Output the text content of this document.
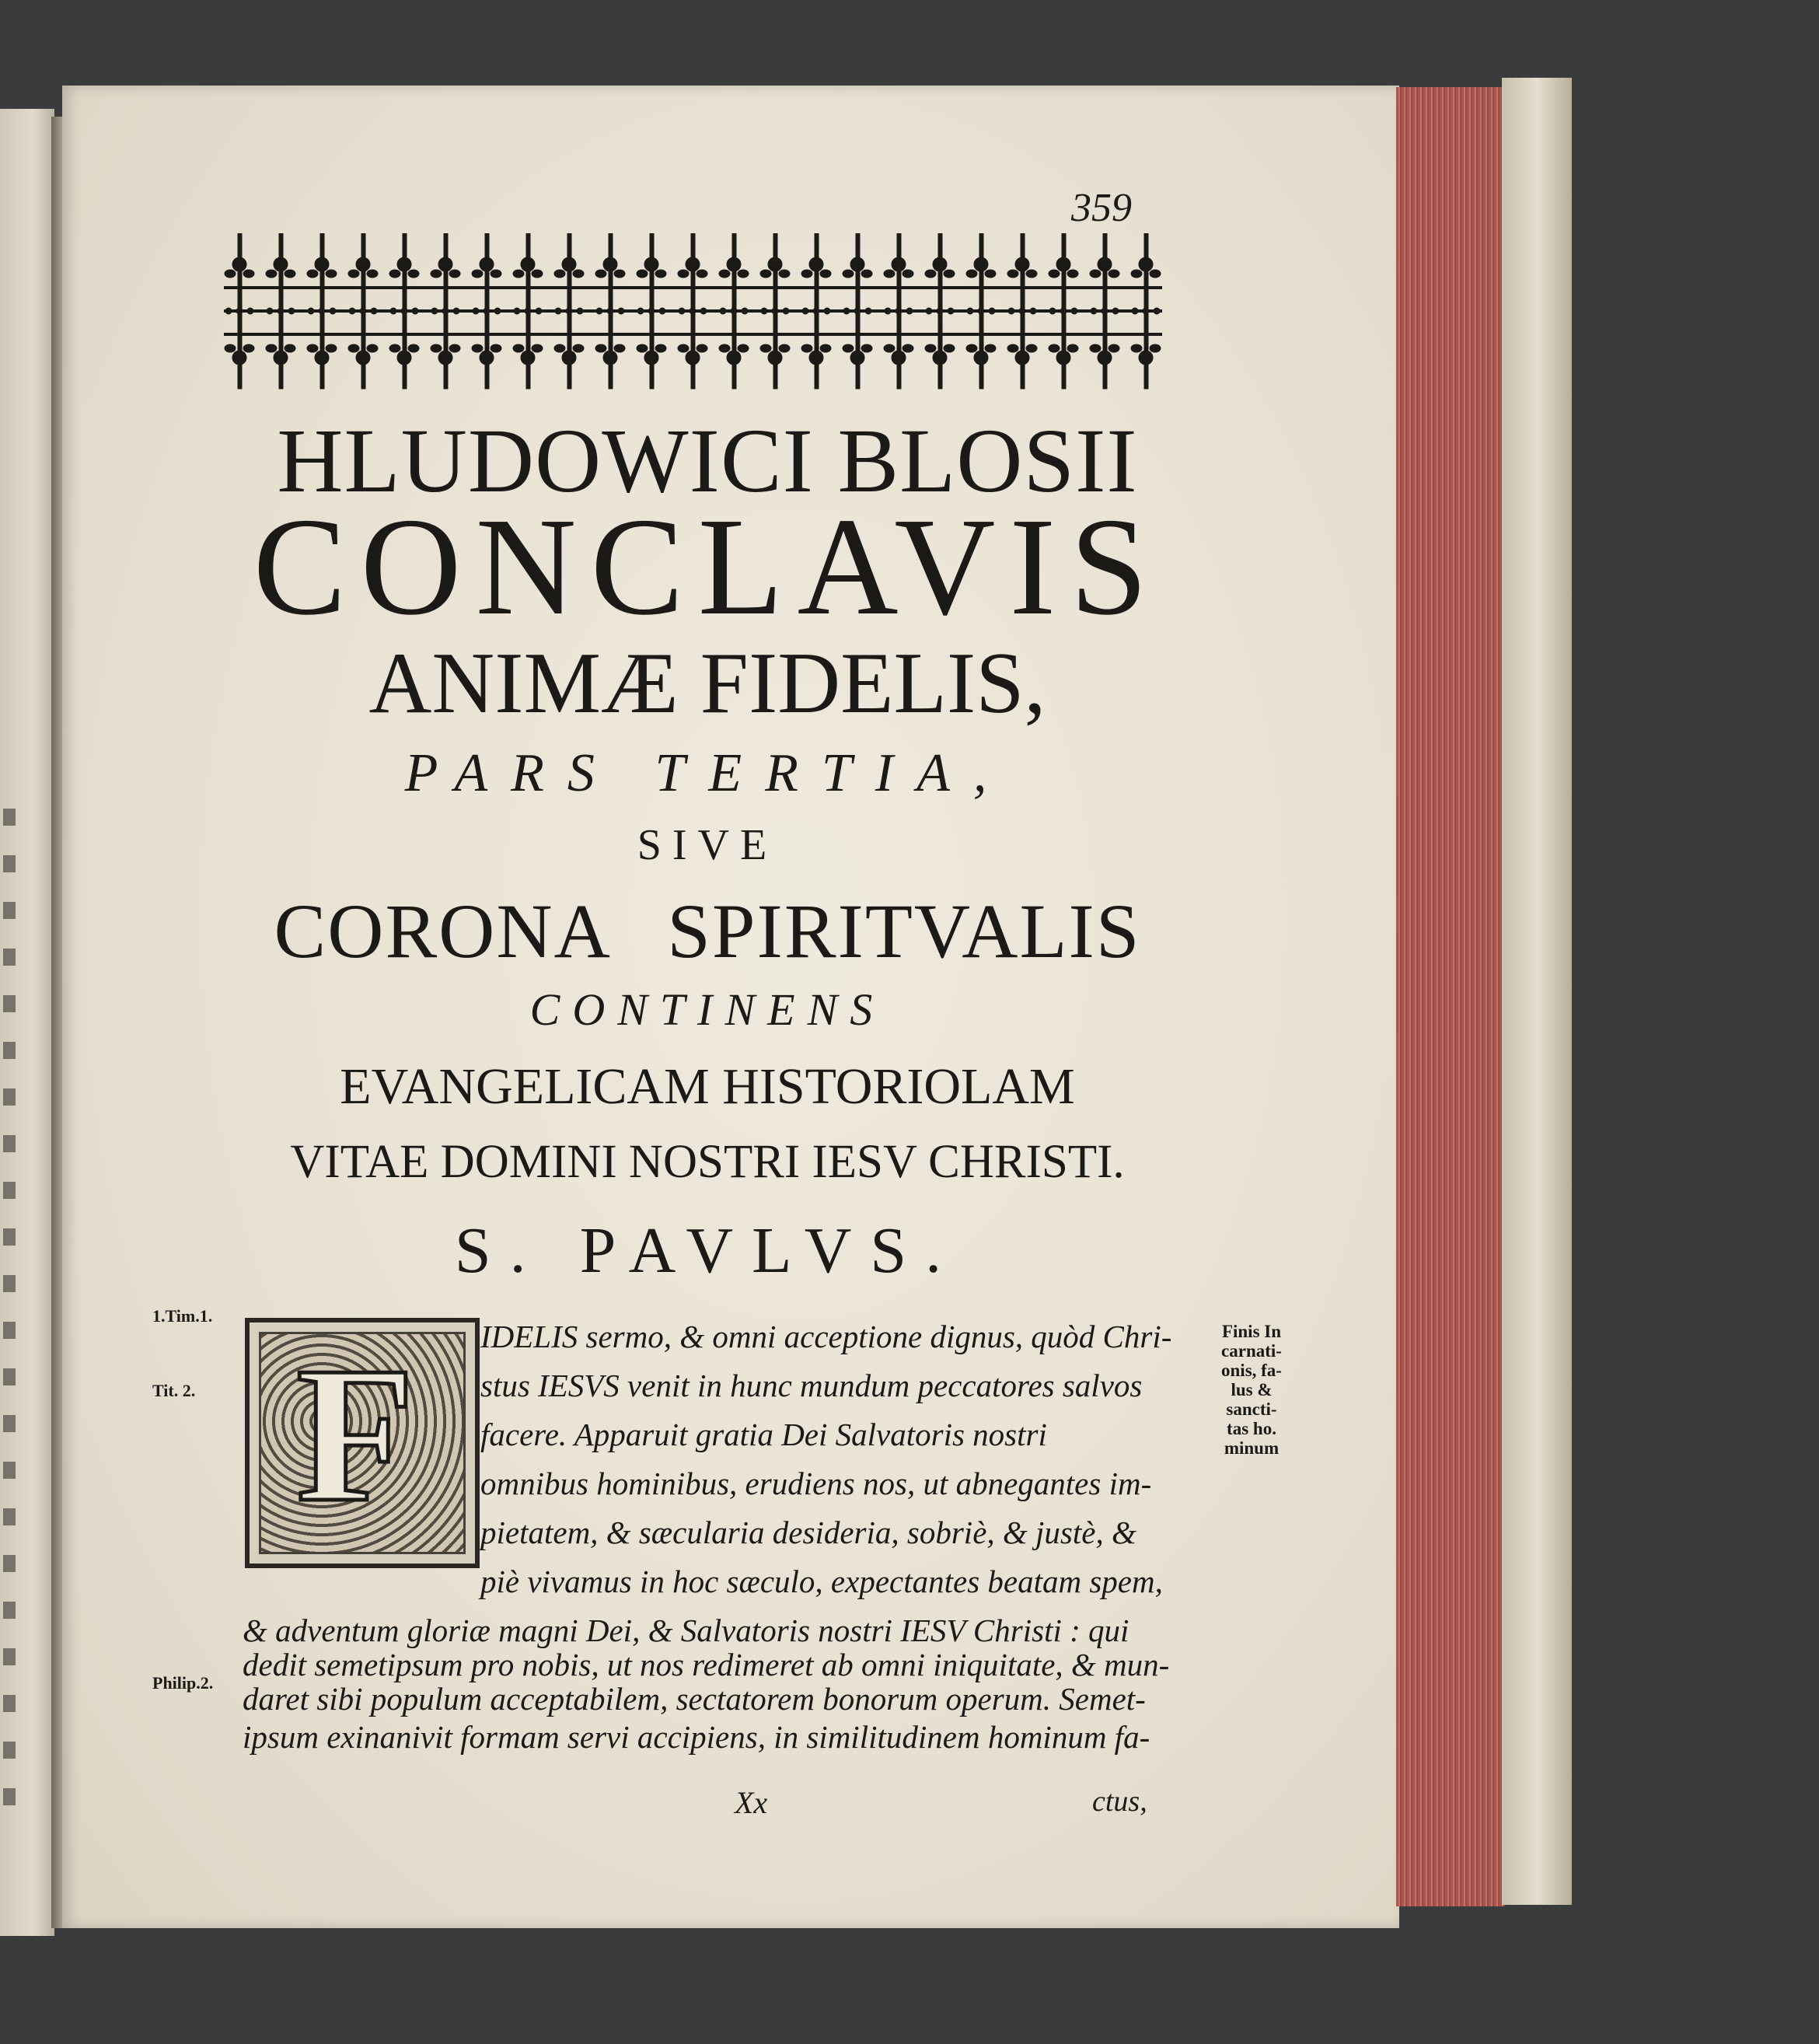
359
HLUDOWICI BLOSII
CONCLAVIS
ANIMÆ FIDELIS,
PARS TERTIA,
SIVE
CORONA SPIRITVALIS
CONTINENS
EVANGELICAM HISTORIOLAM
VITAE DOMINI NOSTRI IESV CHRISTI.
S. PAVLVS.
1.Tim.1.
Tit. 2.
Philip.2.
F IDELIS sermo, & omni acceptione dignus, quòd Chri-
stus IESVS venit in hunc mundum peccatores salvos
facere. Apparuit gratia Dei Salvatoris nostri
omnibus hominibus, erudiens nos, ut abnegantes im-
pietatem, & sæcularia desideria, sobriè, & justè, &
piè vivamus in hoc sæculo, expectantes beatam spem,
& adventum gloriæ magni Dei, & Salvatoris nostri IESV Christi : qui
dedit semetipsum pro nobis, ut nos redimeret ab omni iniquitate, & mun-
daret sibi populum acceptabilem, sectatorem bonorum operum. Semet-
ipsum exinanivit formam servi accipiens, in similitudinem hominum fa-
Finis In
carnati-
onis, fa-
lus &
sancti-
tas ho.
minum
Xx	ctus,
